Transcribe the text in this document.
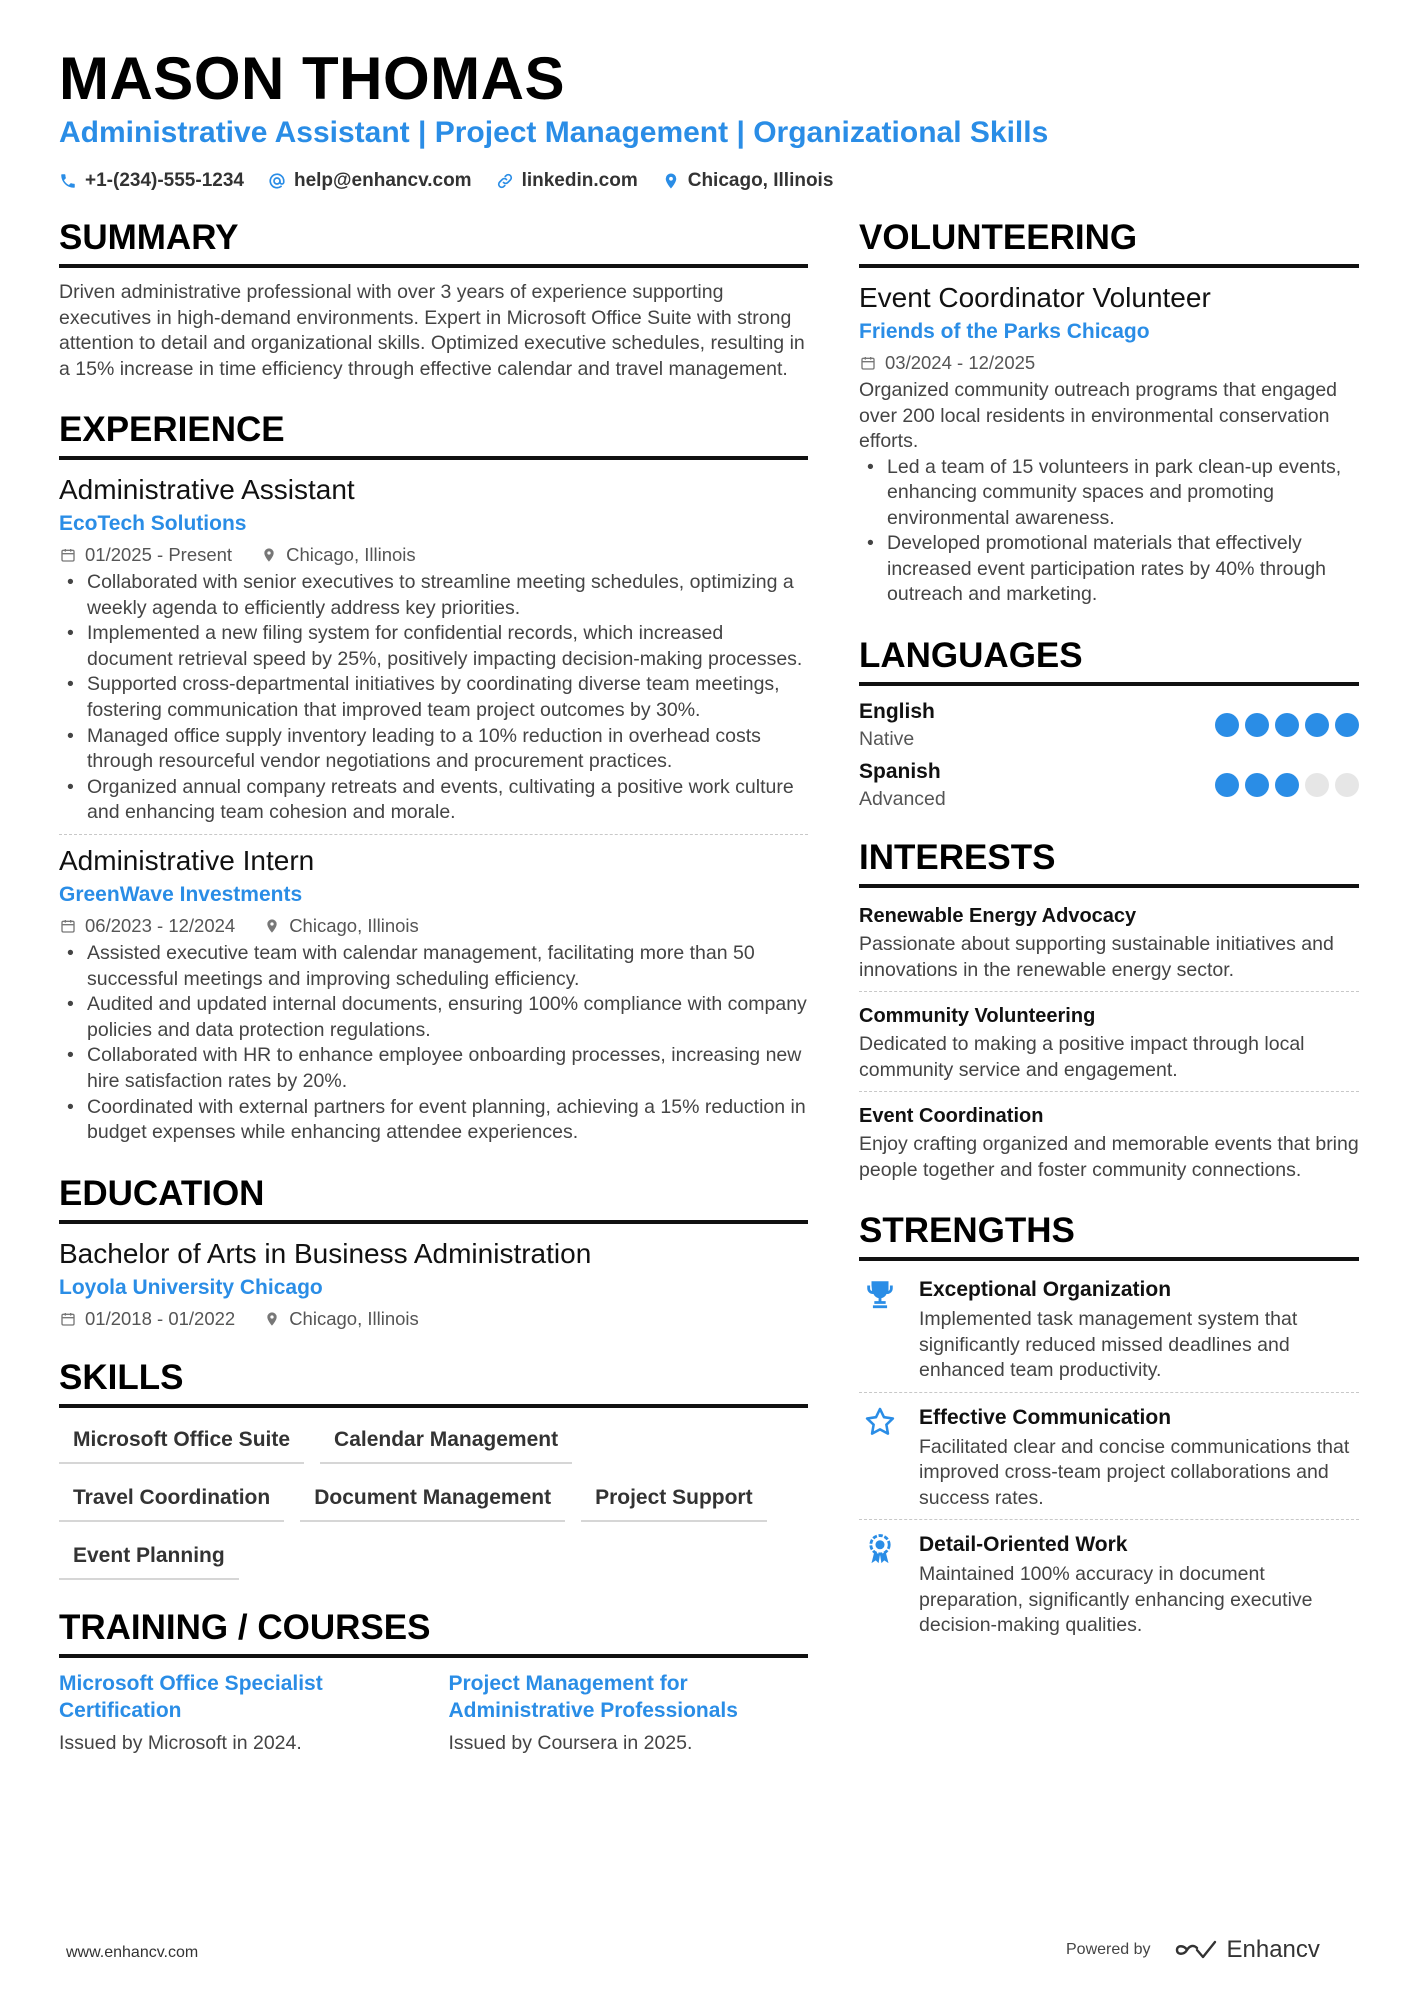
MASON THOMAS
Administrative Assistant | Project Management | Organizational Skills
+1-(234)-555-1234	help@enhancv.com	linkedin.com	Chicago, Illinois
SUMMARY
Driven administrative professional with over 3 years of experience supporting executives in high-demand environments. Expert in Microsoft Office Suite with strong attention to detail and organizational skills. Optimized executive schedules, resulting in a 15% increase in time efficiency through effective calendar and travel management.
EXPERIENCE
Administrative Assistant
EcoTech Solutions
01/2025 - Present	Chicago, Illinois
• Collaborated with senior executives to streamline meeting schedules, optimizing a weekly agenda to efficiently address key priorities.
• Implemented a new filing system for confidential records, which increased document retrieval speed by 25%, positively impacting decision-making processes.
• Supported cross-departmental initiatives by coordinating diverse team meetings, fostering communication that improved team project outcomes by 30%.
• Managed office supply inventory leading to a 10% reduction in overhead costs through resourceful vendor negotiations and procurement practices.
• Organized annual company retreats and events, cultivating a positive work culture and enhancing team cohesion and morale.
Administrative Intern
GreenWave Investments
06/2023 - 12/2024	Chicago, Illinois
• Assisted executive team with calendar management, facilitating more than 50 successful meetings and improving scheduling efficiency.
• Audited and updated internal documents, ensuring 100% compliance with company policies and data protection regulations.
• Collaborated with HR to enhance employee onboarding processes, increasing new hire satisfaction rates by 20%.
• Coordinated with external partners for event planning, achieving a 15% reduction in budget expenses while enhancing attendee experiences.
EDUCATION
Bachelor of Arts in Business Administration
Loyola University Chicago
01/2018 - 01/2022	Chicago, Illinois
SKILLS
Microsoft Office Suite	Calendar Management
Travel Coordination	Document Management	Project Support
Event Planning
TRAINING / COURSES
Microsoft Office Specialist Certification
Issued by Microsoft in 2024.
Project Management for Administrative Professionals
Issued by Coursera in 2025.
VOLUNTEERING
Event Coordinator Volunteer
Friends of the Parks Chicago
03/2024 - 12/2025
Organized community outreach programs that engaged over 200 local residents in environmental conservation efforts.
• Led a team of 15 volunteers in park clean-up events, enhancing community spaces and promoting environmental awareness.
• Developed promotional materials that effectively increased event participation rates by 40% through outreach and marketing.
LANGUAGES
English
Native
Spanish
Advanced
INTERESTS
Renewable Energy Advocacy
Passionate about supporting sustainable initiatives and innovations in the renewable energy sector.
Community Volunteering
Dedicated to making a positive impact through local community service and engagement.
Event Coordination
Enjoy crafting organized and memorable events that bring people together and foster community connections.
STRENGTHS
Exceptional Organization
Implemented task management system that significantly reduced missed deadlines and enhanced team productivity.
Effective Communication
Facilitated clear and concise communications that improved cross-team project collaborations and success rates.
Detail-Oriented Work
Maintained 100% accuracy in document preparation, significantly enhancing executive decision-making qualities.
www.enhancv.com	Powered by	Enhancv
